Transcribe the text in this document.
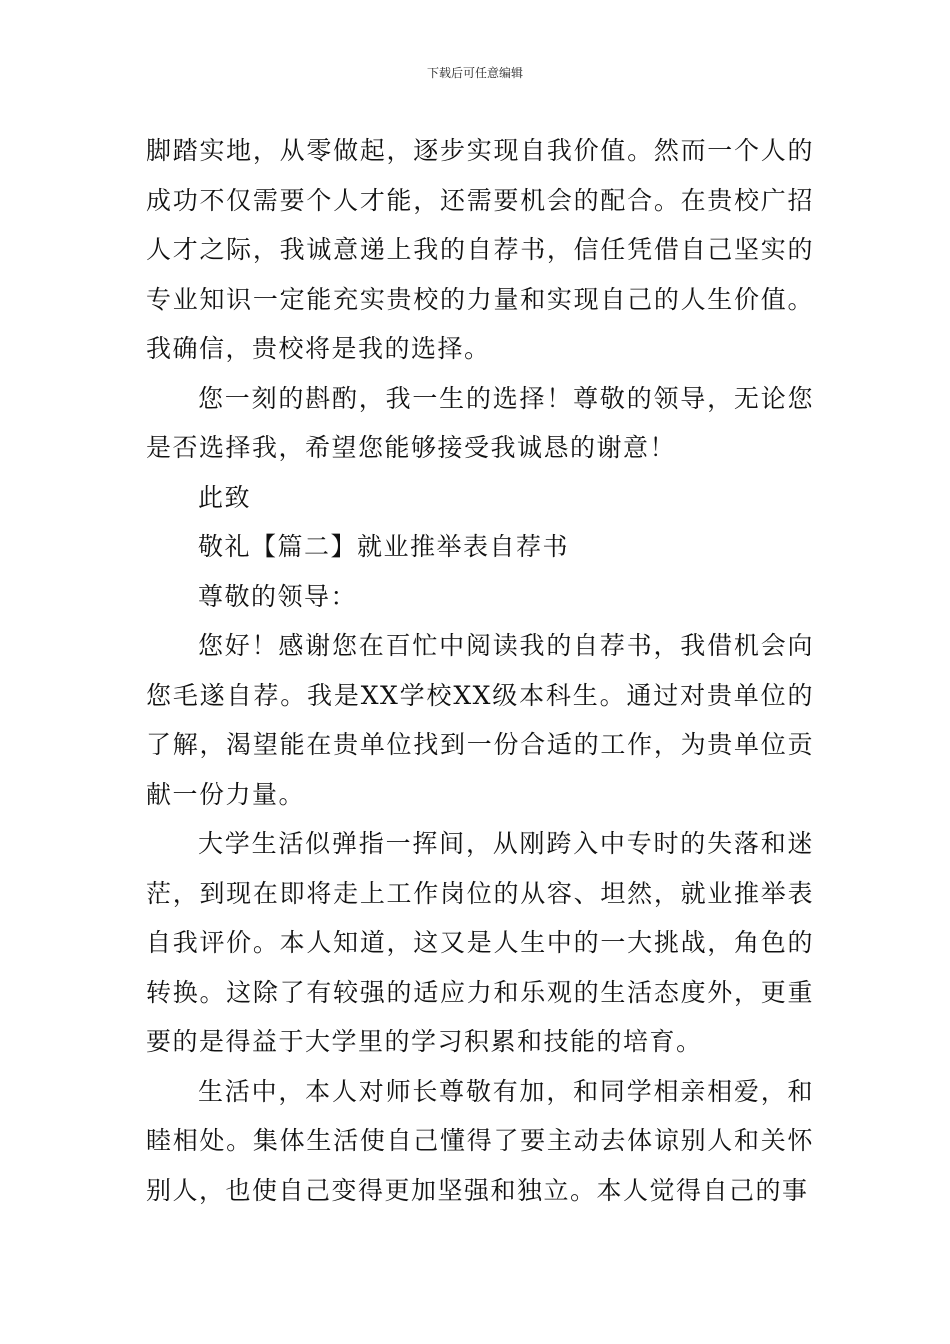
下载后可任意编辑

脚踏实地，从零做起，逐步实现自我价值。然而一个人的成功不仅需要个人才能，还需要机会的配合。在贵校广招人才之际，我诚意递上我的自荐书，信任凭借自己坚实的专业知识一定能充实贵校的力量和实现自己的人生价值。我确信，贵校将是我的选择。

您一刻的斟酌，我一生的选择！尊敬的领导，无论您是否选择我，希望您能够接受我诚恳的谢意！

此致

敬礼【篇二】就业推举表自荐书

尊敬的领导：

您好！感谢您在百忙中阅读我的自荐书，我借机会向您毛遂自荐。我是XX学校XX级本科生。通过对贵单位的了解，渴望能在贵单位找到一份合适的工作，为贵单位贡献一份力量。

大学生活似弹指一挥间，从刚跨入中专时的失落和迷茫，到现在即将走上工作岗位的从容、坦然，就业推举表自我评价。本人知道，这又是人生中的一大挑战，角色的转换。这除了有较强的适应力和乐观的生活态度外，更重要的是得益于大学里的学习积累和技能的培育。

生活中，本人对师长尊敬有加，和同学相亲相爱，和睦相处。集体生活使自己懂得了要主动去体谅别人和关怀别人，也使自己变得更加坚强和独立。本人觉得自己的事
